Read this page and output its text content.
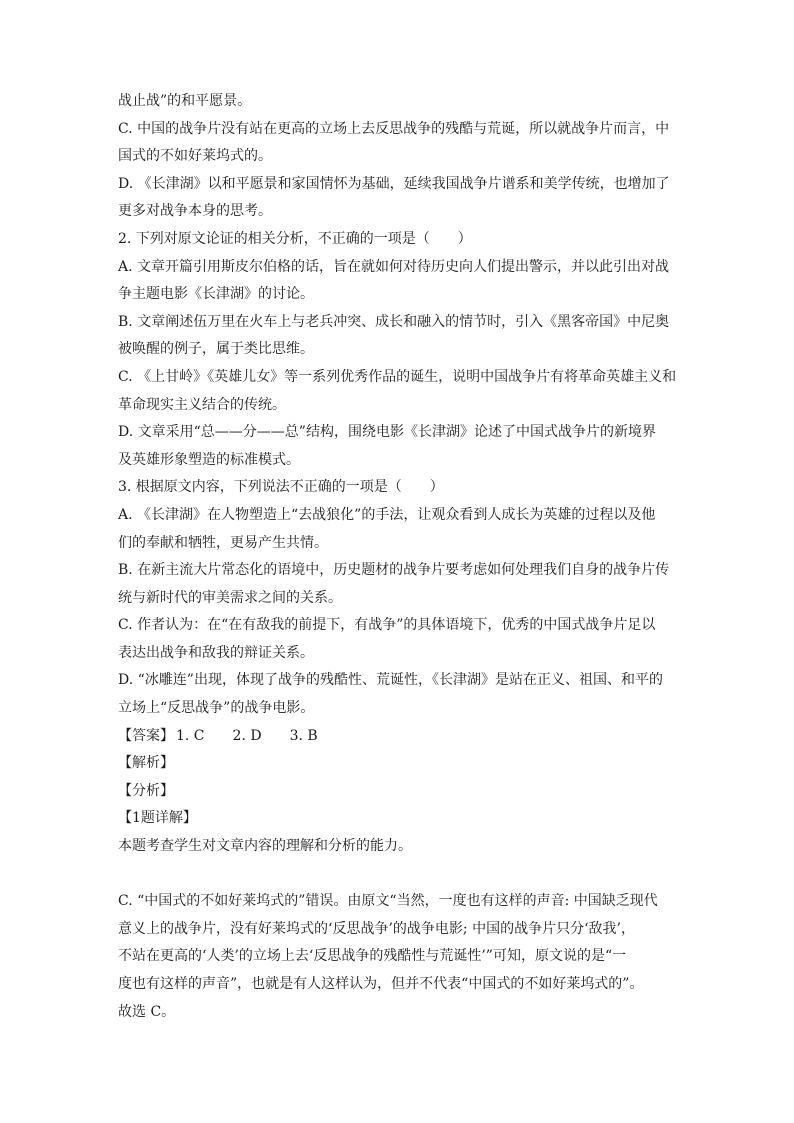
战止战”的和平愿景。

C. 中国的战争片没有站在更高的立场上去反思战争的残酷与荒诞，所以就战争片而言，中

国式的不如好莱坞式的。

D. 《长津湖》以和平愿景和家国情怀为基础，延续我国战争片谱系和美学传统，也增加了

更多对战争本身的思考。

2. 下列对原文论证的相关分析，不正确的一项是（　　）

A. 文章开篇引用斯皮尔伯格的话，旨在就如何对待历史向人们提出警示，并以此引出对战

争主题电影《长津湖》的讨论。

B. 文章阐述伍万里在火车上与老兵冲突、成长和融入的情节时，引入《黑客帝国》中尼奥

被唤醒的例子，属于类比思维。

C. 《上甘岭》《英雄儿女》等一系列优秀作品的诞生，说明中国战争片有将革命英雄主义和

革命现实主义结合的传统。

D. 文章采用“总——分——总”结构，围绕电影《长津湖》论述了中国式战争片的新境界

及英雄形象塑造的标准模式。

3. 根据原文内容，下列说法不正确的一项是（　　）

A. 《长津湖》在人物塑造上“去战狼化”的手法，让观众看到人成长为英雄的过程以及他

们的奉献和牺牲，更易产生共情。

B. 在新主流大片常态化的语境中，历史题材的战争片要考虑如何处理我们自身的战争片传

统与新时代的审美需求之间的关系。

C. 作者认为：在“在有敌我的前提下，有战争”的具体语境下，优秀的中国式战争片足以

表达出战争和敌我的辩证关系。

D. “冰雕连”出现，体现了战争的残酷性、荒诞性，《长津湖》是站在正义、祖国、和平的

立场上“反思战争”的战争电影。

【答案】 1. C 2. D 3. B

【解析】

【分析】

【1题详解】

本题考查学生对文章内容的理解和分析的能力。

C. “中国式的不如好莱坞式的”错误。由原文“当然，一度也有这样的声音: 中国缺乏现代

意义上的战争片，没有好莱坞式的‘反思战争’的战争电影; 中国的战争片只分‘敌我’，

不站在更高的‘人类’的立场上去‘反思战争的残酷性与荒诞性’”可知，原文说的是“一

度也有这样的声音”，也就是有人这样认为，但并不代表“中国式的不如好莱坞式的”。

故选 C。
